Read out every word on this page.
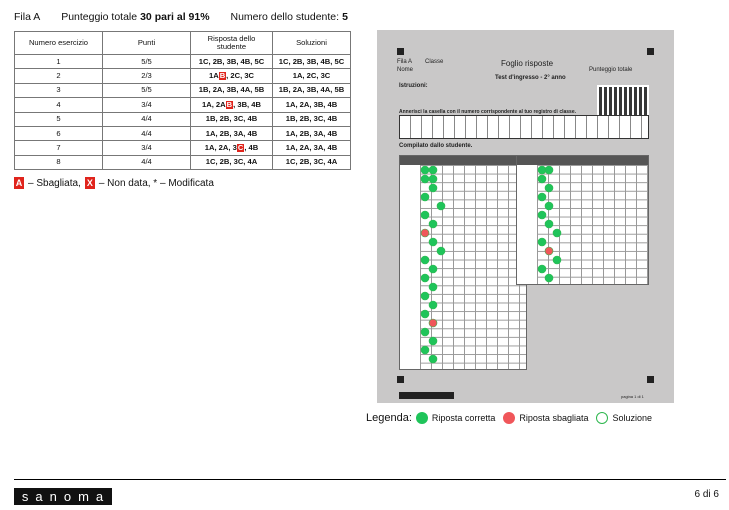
Fila A Punteggio totale 30 pari al 91% Numero dello studente: 5
Numero esercizio	Punti	Risposta dello studente	Soluzioni
1	5/5	1C, 2B, 3B, 4B, 5C	1C, 2B, 3B, 4B, 5C
2	2/3	1AB, 2C, 3C	1A, 2C, 3C
3	5/5	1B, 2A, 3B, 4A, 5B	1B, 2A, 3B, 4A, 5B
4	3/4	1A, 2AB, 3B, 4B	1A, 2A, 3B, 4B
5	4/4	1B, 2B, 3C, 4B	1B, 2B, 3C, 4B
6	4/4	1A, 2B, 3A, 4B	1A, 2B, 3A, 4B
7	3/4	1A, 2A, 3C, 4B	1A, 2A, 3A, 4B
8	4/4	1C, 2B, 3C, 4A	1C, 2B, 3C, 4A
A – Sbagliata, X – Non data, * – Modificata
Fila A Classe
Nome
Foglio risposte
Punteggio totale
Test d'ingresso - 2° anno
Istruzioni:
Annerisci la casella con il numero corrispondente al tuo registro di classe.
Compilato dallo studente.
pagina 1 di 1
Legenda: Riposta corretta	Riposta sbagliata	Soluzione
sanoma	6 di 6
